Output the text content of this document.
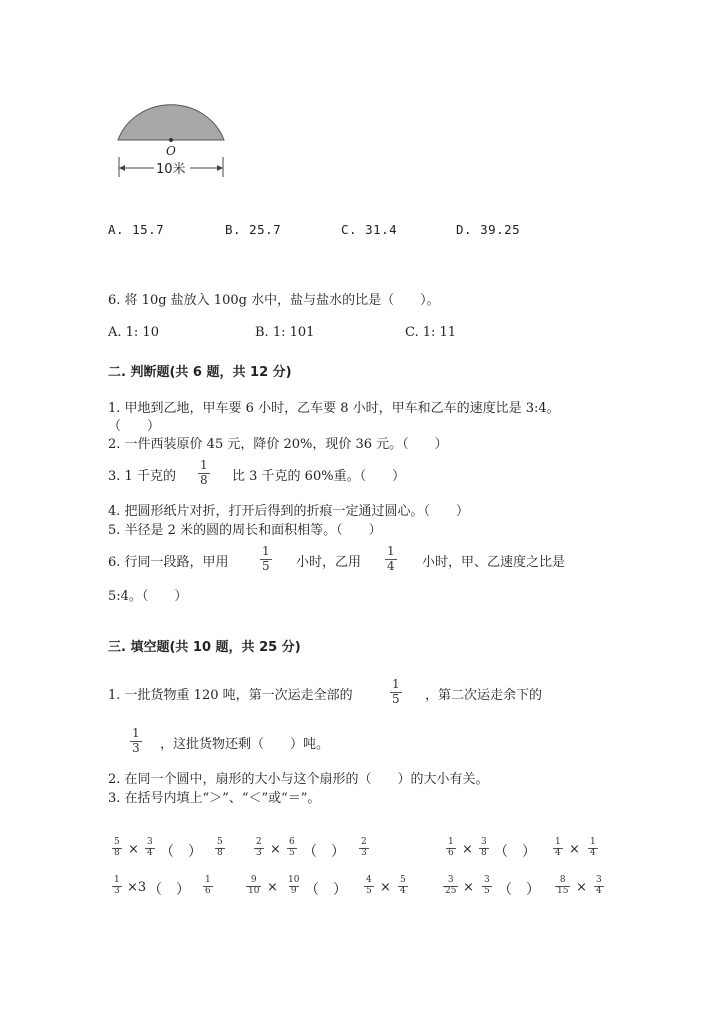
O
10米
A. 15.7	B. 25.7	C. 31.4	D. 39.25
6. 将 10g 盐放入 100g 水中，盐与盐水的比是（　　）。
A. 1: 10	B. 1: 101	C. 1: 11
二. 判断题(共 6 题，共 12 分)
1. 甲地到乙地，甲车要 6 小时，乙车要 8 小时，甲车和乙车的速度比是 3:4。
（　　）
2. 一件西装原价 45 元，降价 20%，现价 36 元。（　　）
3. 1 千克的 $\frac{1}{8}$ 比 3 千克的 60%重。（　　）
4. 把圆形纸片对折，打开后得到的折痕一定通过圆心。（　　）
5. 半径是 2 米的圆的周长和面积相等。（　　）
6. 行同一段路，甲用	$\frac{1}{5}$ 小时，乙用 $\frac{1}{4}$ 小时，甲、乙速度之比是
5:4。（　　）
三. 填空题(共 10 题，共 25 分)
1. 一批货物重 120 吨，第一次运走全部的	$\frac{1}{5}$ ，第二次运走余下的
$\frac{1}{3}$ ，这批货物还剩（　　）吨。
2. 在同一个圆中，扇形的大小与这个扇形的（　　）的大小有关。
3. 在括号内填上“＞”、“＜”或“＝”。
$\frac{5}{8} \times \frac{3}{4}$ （　） $\frac{5}{8}$	$\frac{2}{3} \times \frac{6}{5}$ （　） $\frac{2}{3}$	$\frac{1}{6} \times \frac{3}{8}$ （　） $\frac{1}{4} \times \frac{1}{4}$
$\frac{1}{3} \times 3$ （　） $\frac{1}{6}$	$\frac{9}{10} \times \frac{10}{9}$ （　） $\frac{4}{5} \times \frac{5}{4}$	$\frac{3}{25} \times \frac{3}{5}$ （　） $\frac{8}{15} \times \frac{3}{4}$
